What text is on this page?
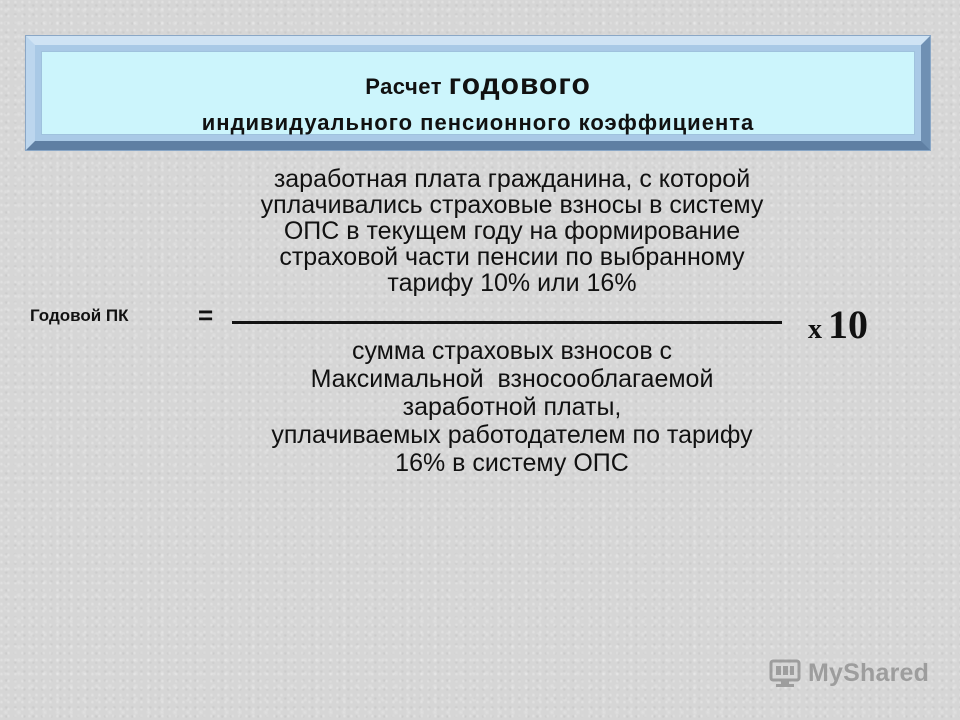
Расчет годового
индивидуального пенсионного коэффициента
Годовой ПК	=
заработная плата гражданина, с которой
уплачивались страховые взносы в систему
ОПС в текущем году на формирование
страховой части пенсии по выбранному
тарифу 10% или 16%
сумма страховых взносов с
Максимальной  взносооблагаемой
заработной платы,
уплачиваемых работодателем по тарифу
16% в систему ОПС
х 10
MyShared
